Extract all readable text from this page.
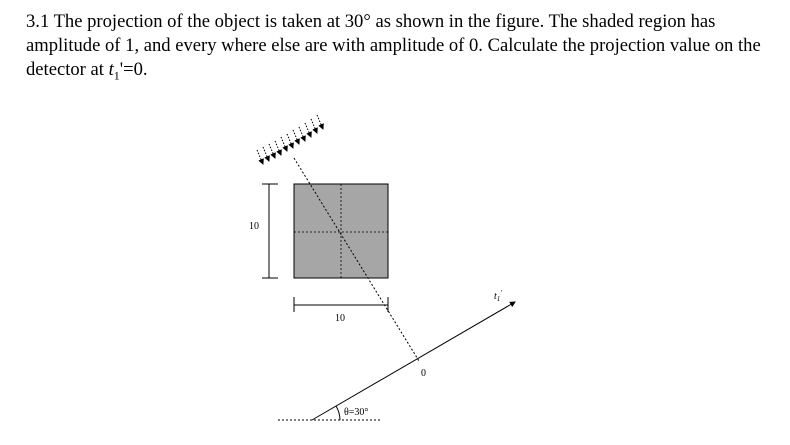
3.1 The projection of the object is taken at 30° as shown in the figure. The shaded region has amplitude of 1, and every where else are with amplitude of 0. Calculate the projection value on the detector at $t_1'=0$.

10
10
$t_1'$
0
θ=30°
